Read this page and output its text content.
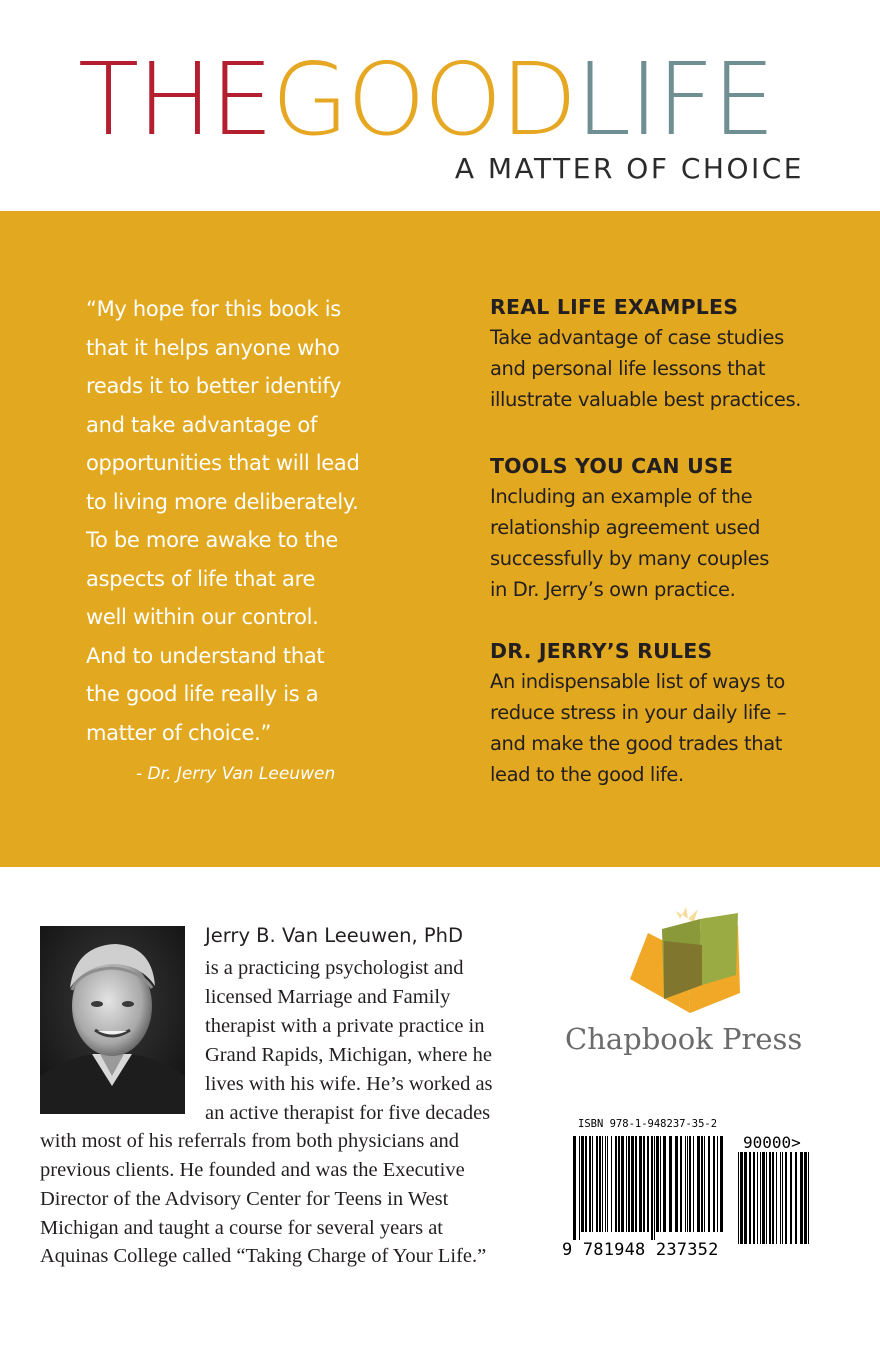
THEGOODLIFE
A MATTER OF CHOICE
“My hope for this book is
that it helps anyone who
reads it to better identify
and take advantage of
opportunities that will lead
to living more deliberately.
To be more awake to the
aspects of life that are
well within our control.
And to understand that
the good life really is a
matter of choice.”
- Dr. Jerry Van Leeuwen
REAL LIFE EXAMPLES

Take advantage of case studies
and personal life lessons that
illustrate valuable best practices.

TOOLS YOU CAN USE

Including an example of the
relationship agreement used
successfully by many couples
in Dr. Jerry’s own practice.

DR. JERRY’S RULES

An indispensable list of ways to
reduce stress in your daily life –
and make the good trades that
lead to the good life.

Jerry B. Van Leeuwen, PhD
is a practicing psychologist and
licensed Marriage and Family
therapist with a private practice in
Grand Rapids, Michigan, where he
lives with his wife. He’s worked as
an active therapist for five decades
with most of his referrals from both physicians and
previous clients. He founded and was the Executive
Director of the Advisory Center for Teens in West
Michigan and taught a course for several years at
Aquinas College called “Taking Charge of Your Life.”
Chapbook Press
ISBN 978-1-948237-35-2
90000>
9 781948 237352
